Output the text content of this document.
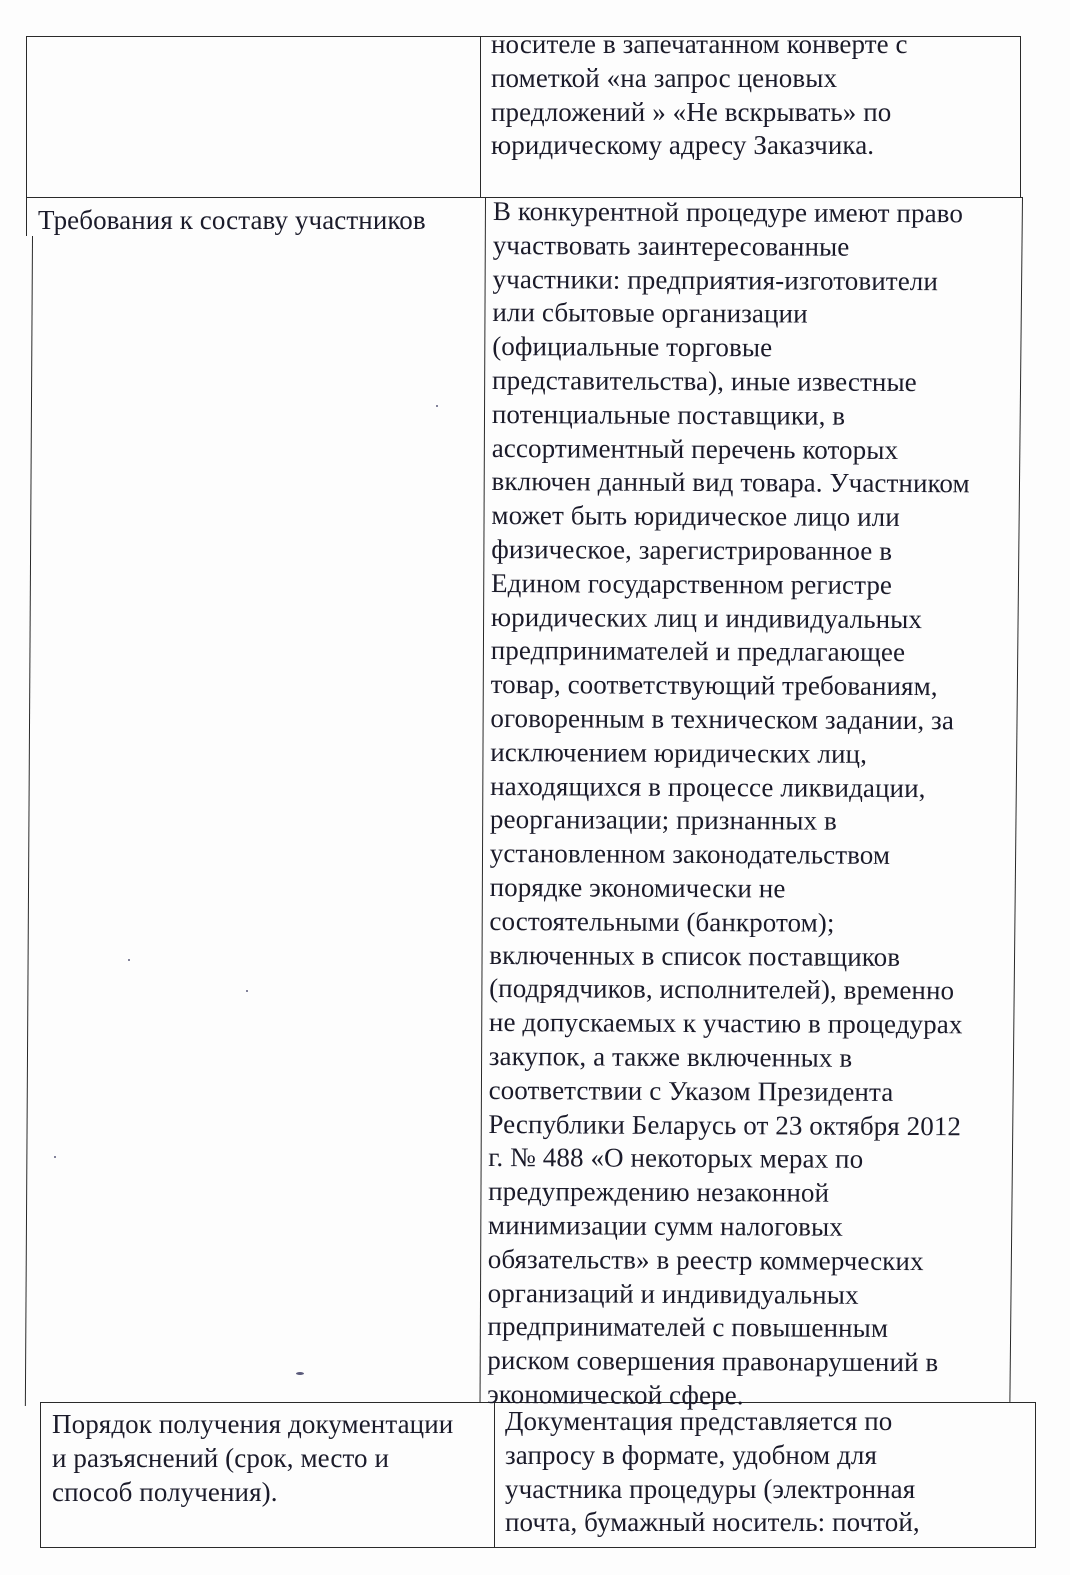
носителе в запечатанном конверте с
пометкой «на запрос ценовых
предложений » «Не вскрывать» по
юридическому адресу Заказчика.
Требования к составу участников	В конкурентной процедуре имеют право
участвовать заинтересованные
участники: предприятия-изготовители
или сбытовые организации
(официальные торговые
представительства), иные известные
потенциальные поставщики, в
ассортиментный перечень которых
включен данный вид товара. Участником
может быть юридическое лицо или
физическое, зарегистрированное в
Едином государственном регистре
юридических лиц и индивидуальных
предпринимателей и предлагающее
товар, соответствующий требованиям,
оговоренным в техническом задании, за
исключением юридических лиц,
находящихся в процессе ликвидации,
реорганизации; признанных в
установленном законодательством
порядке экономически не
состоятельными (банкротом);
включенных в список поставщиков
(подрядчиков, исполнителей), временно
не допускаемых к участию в процедурах
закупок, а также включенных в
соответствии с Указом Президента
Республики Беларусь от 23 октября 2012
г. № 488 «О некоторых мерах по
предупреждению незаконной
минимизации сумм налоговых
обязательств» в реестр коммерческих
организаций и индивидуальных
предпринимателей с повышенным
риском совершения правонарушений в
экономической сфере.
Порядок получения документации
и разъяснений (срок, место и
способ получения).
Документация представляется по
запросу в формате, удобном для
участника процедуры (электронная
почта, бумажный носитель: почтой,
